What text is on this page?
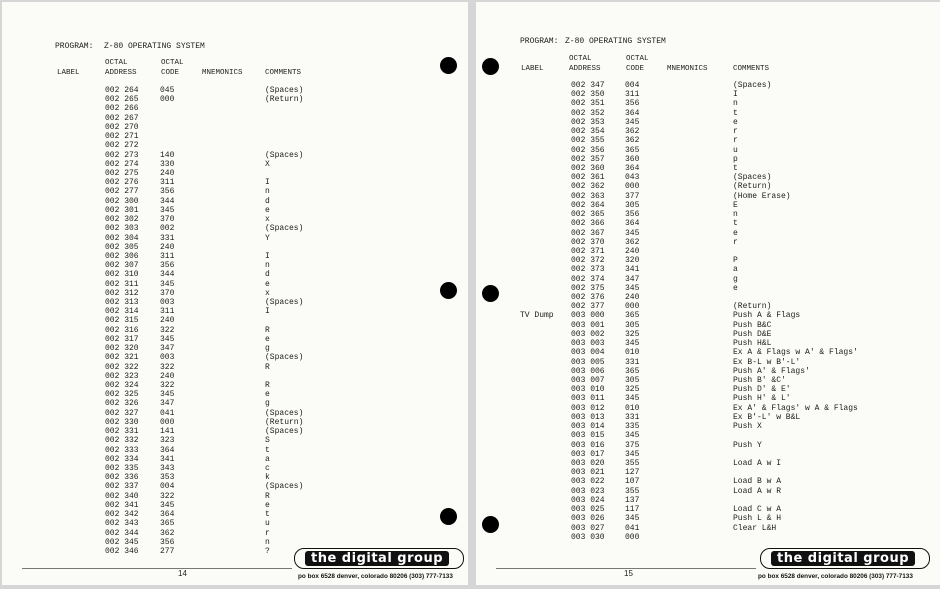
PROGRAM: Z-80 OPERATING SYSTEM
LABEL
OCTAL
ADDRESS
OCTAL
CODE	MNEMONICS	COMMENTS
002 264	045	(Spaces)
002 265	000	(Return)
002 266
002 267
002 270
002 271
002 272
002 273	140	(Spaces)
002 274	330	X
002 275	240
002 276	311	I
002 277	356	n
002 300	344	d
002 301	345	e
002 302	370	x
002 303	002	(Spaces)
002 304	331	Y
002 305	240
002 306	311	I
002 307	356	n
002 310	344	d
002 311	345	e
002 312	370	x
002 313	003	(Spaces)
002 314	311	I
002 315	240
002 316	322	R
002 317	345	e
002 320	347	g
002 321	003	(Spaces)
002 322	322	R
002 323	240
002 324	322	R
002 325	345	e
002 326	347	g
002 327	041	(Spaces)
002 330	000	(Return)
002 331	141	(Spaces)
002 332	323	S
002 333	364	t
002 334	341	a
002 335	343	c
002 336	353	k
002 337	004	(Spaces)
002 340	322	R
002 341	345	e
002 342	364	t
002 343	365	u
002 344	362	r
002 345	356	n
002 346	277	?
14
the digital group
po box 6528 denver, colorado 80206 (303) 777-7133
PROGRAM: Z-80 OPERATING SYSTEM
LABEL
OCTAL
ADDRESS
OCTAL
CODE	MNEMONICS	COMMENTS
002 347	004	(Spaces)
002 350	311	I
002 351	356	n
002 352	364	t
002 353	345	e
002 354	362	r
002 355	362	r
002 356	365	u
002 357	360	p
002 360	364	t
002 361	043	(Spaces)
002 362	000	(Return)
002 363	377	(Home Erase)
002 364	305	E
002 365	356	n
002 366	364	t
002 367	345	e
002 370	362	r
002 371	240
002 372	320	P
002 373	341	a
002 374	347	g
002 375	345	e
002 376	240
002 377	000	(Return)
TV Dump 003 000	365	Push A & Flags
003 001	305	Push B&C
003 002	325	Push D&E
003 003	345	Push H&L
003 004	010	Ex A & Flags w A' & Flags'
003 005	331	Ex B-L w B'-L'
003 006	365	Push A' & Flags'
003 007	305	Push B' &C'
003 010	325	Push D' & E'
003 011	345	Push H' & L'
003 012	010	Ex A' & Flags' w A & Flags
003 013	331	Ex B'-L' w B&L
003 014	335	Push X
003 015	345
003 016	375	Push Y
003 017	345
003 020	355	Load A w I
003 021	127
003 022	107	Load B w A
003 023	355	Load A w R
003 024	137
003 025	117	Load C w A
003 026	345	Push L & H
003 027	041	Clear L&H
003 030	000
15
the digital group
po box 6528 denver, colorado 80206 (303) 777-7133
